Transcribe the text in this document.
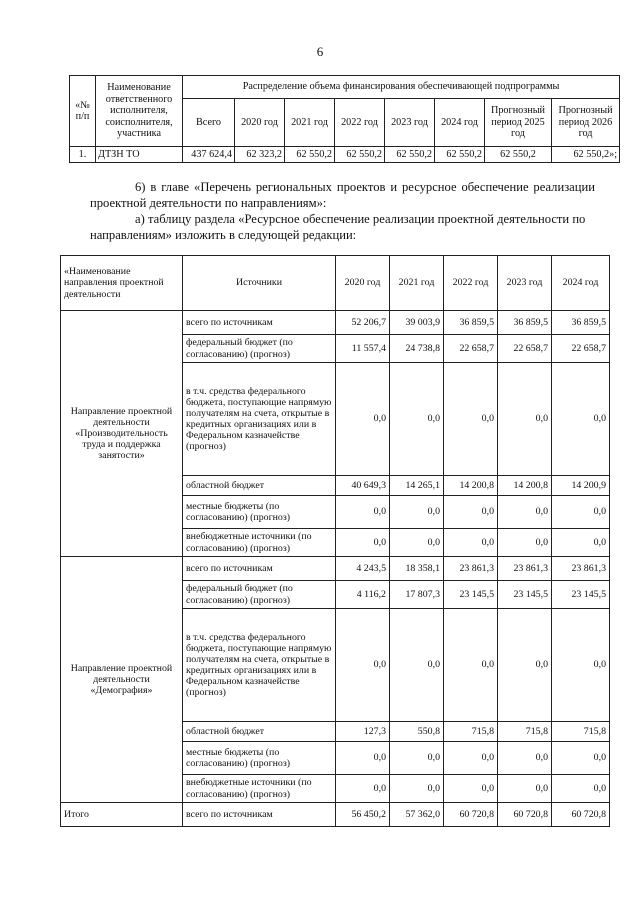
6
«№ п/п	Наименование ответственного исполнителя, соисполнителя, участника	Распределение объема финансирования обеспечивающей подпрограммы							
		Всего	2020 год	2021 год	2022 год	2023 год	2024 год	Прогнозный период 2025 год	Прогнозный период 2026 год
1.	ДТЗН ТО	437 624,4	62 323,2	62 550,2	62 550,2	62 550,2	62 550,2	62 550,2	62 550,2»;
6) в главе «Перечень региональных проектов и ресурсное обеспечение реализации проектной деятельности по направлениям»:
а) таблицу раздела «Ресурсное обеспечение реализации проектной деятельности по направлениям» изложить в следующей редакции:
«Наименование направления проектной деятельности	Источники	2020 год	2021 год	2022 год	2023 год	2024 год
Направление проектной деятельности «Производительность труда и поддержка занятости»	всего по источникам	52 206,7	39 003,9	36 859,5	36 859,5	36 859,5
	федеральный бюджет (по согласованию) (прогноз)	11 557,4	24 738,8	22 658,7	22 658,7	22 658,7
	в т.ч. средства федерального бюджета, поступающие напрямую получателям на счета, открытые в кредитных организациях или в Федеральном казначействе (прогноз)	0,0	0,0	0,0	0,0	0,0
	областной бюджет	40 649,3	14 265,1	14 200,8	14 200,8	14 200,9
	местные бюджеты (по согласованию) (прогноз)	0,0	0,0	0,0	0,0	0,0
	внебюджетные источники (по согласованию) (прогноз)	0,0	0,0	0,0	0,0	0,0
Направление проектной деятельности «Демография»	всего по источникам	4 243,5	18 358,1	23 861,3	23 861,3	23 861,3
	федеральный бюджет (по согласованию) (прогноз)	4 116,2	17 807,3	23 145,5	23 145,5	23 145,5
	в т.ч. средства федерального бюджета, поступающие напрямую получателям на счета, открытые в кредитных организациях или в Федеральном казначействе (прогноз)	0,0	0,0	0,0	0,0	0,0
	областной бюджет	127,3	550,8	715,8	715,8	715,8
	местные бюджеты (по согласованию) (прогноз)	0,0	0,0	0,0	0,0	0,0
	внебюджетные источники (по согласованию) (прогноз)	0,0	0,0	0,0	0,0	0,0
Итого	всего по источникам	56 450,2	57 362,0	60 720,8	60 720,8	60 720,8
